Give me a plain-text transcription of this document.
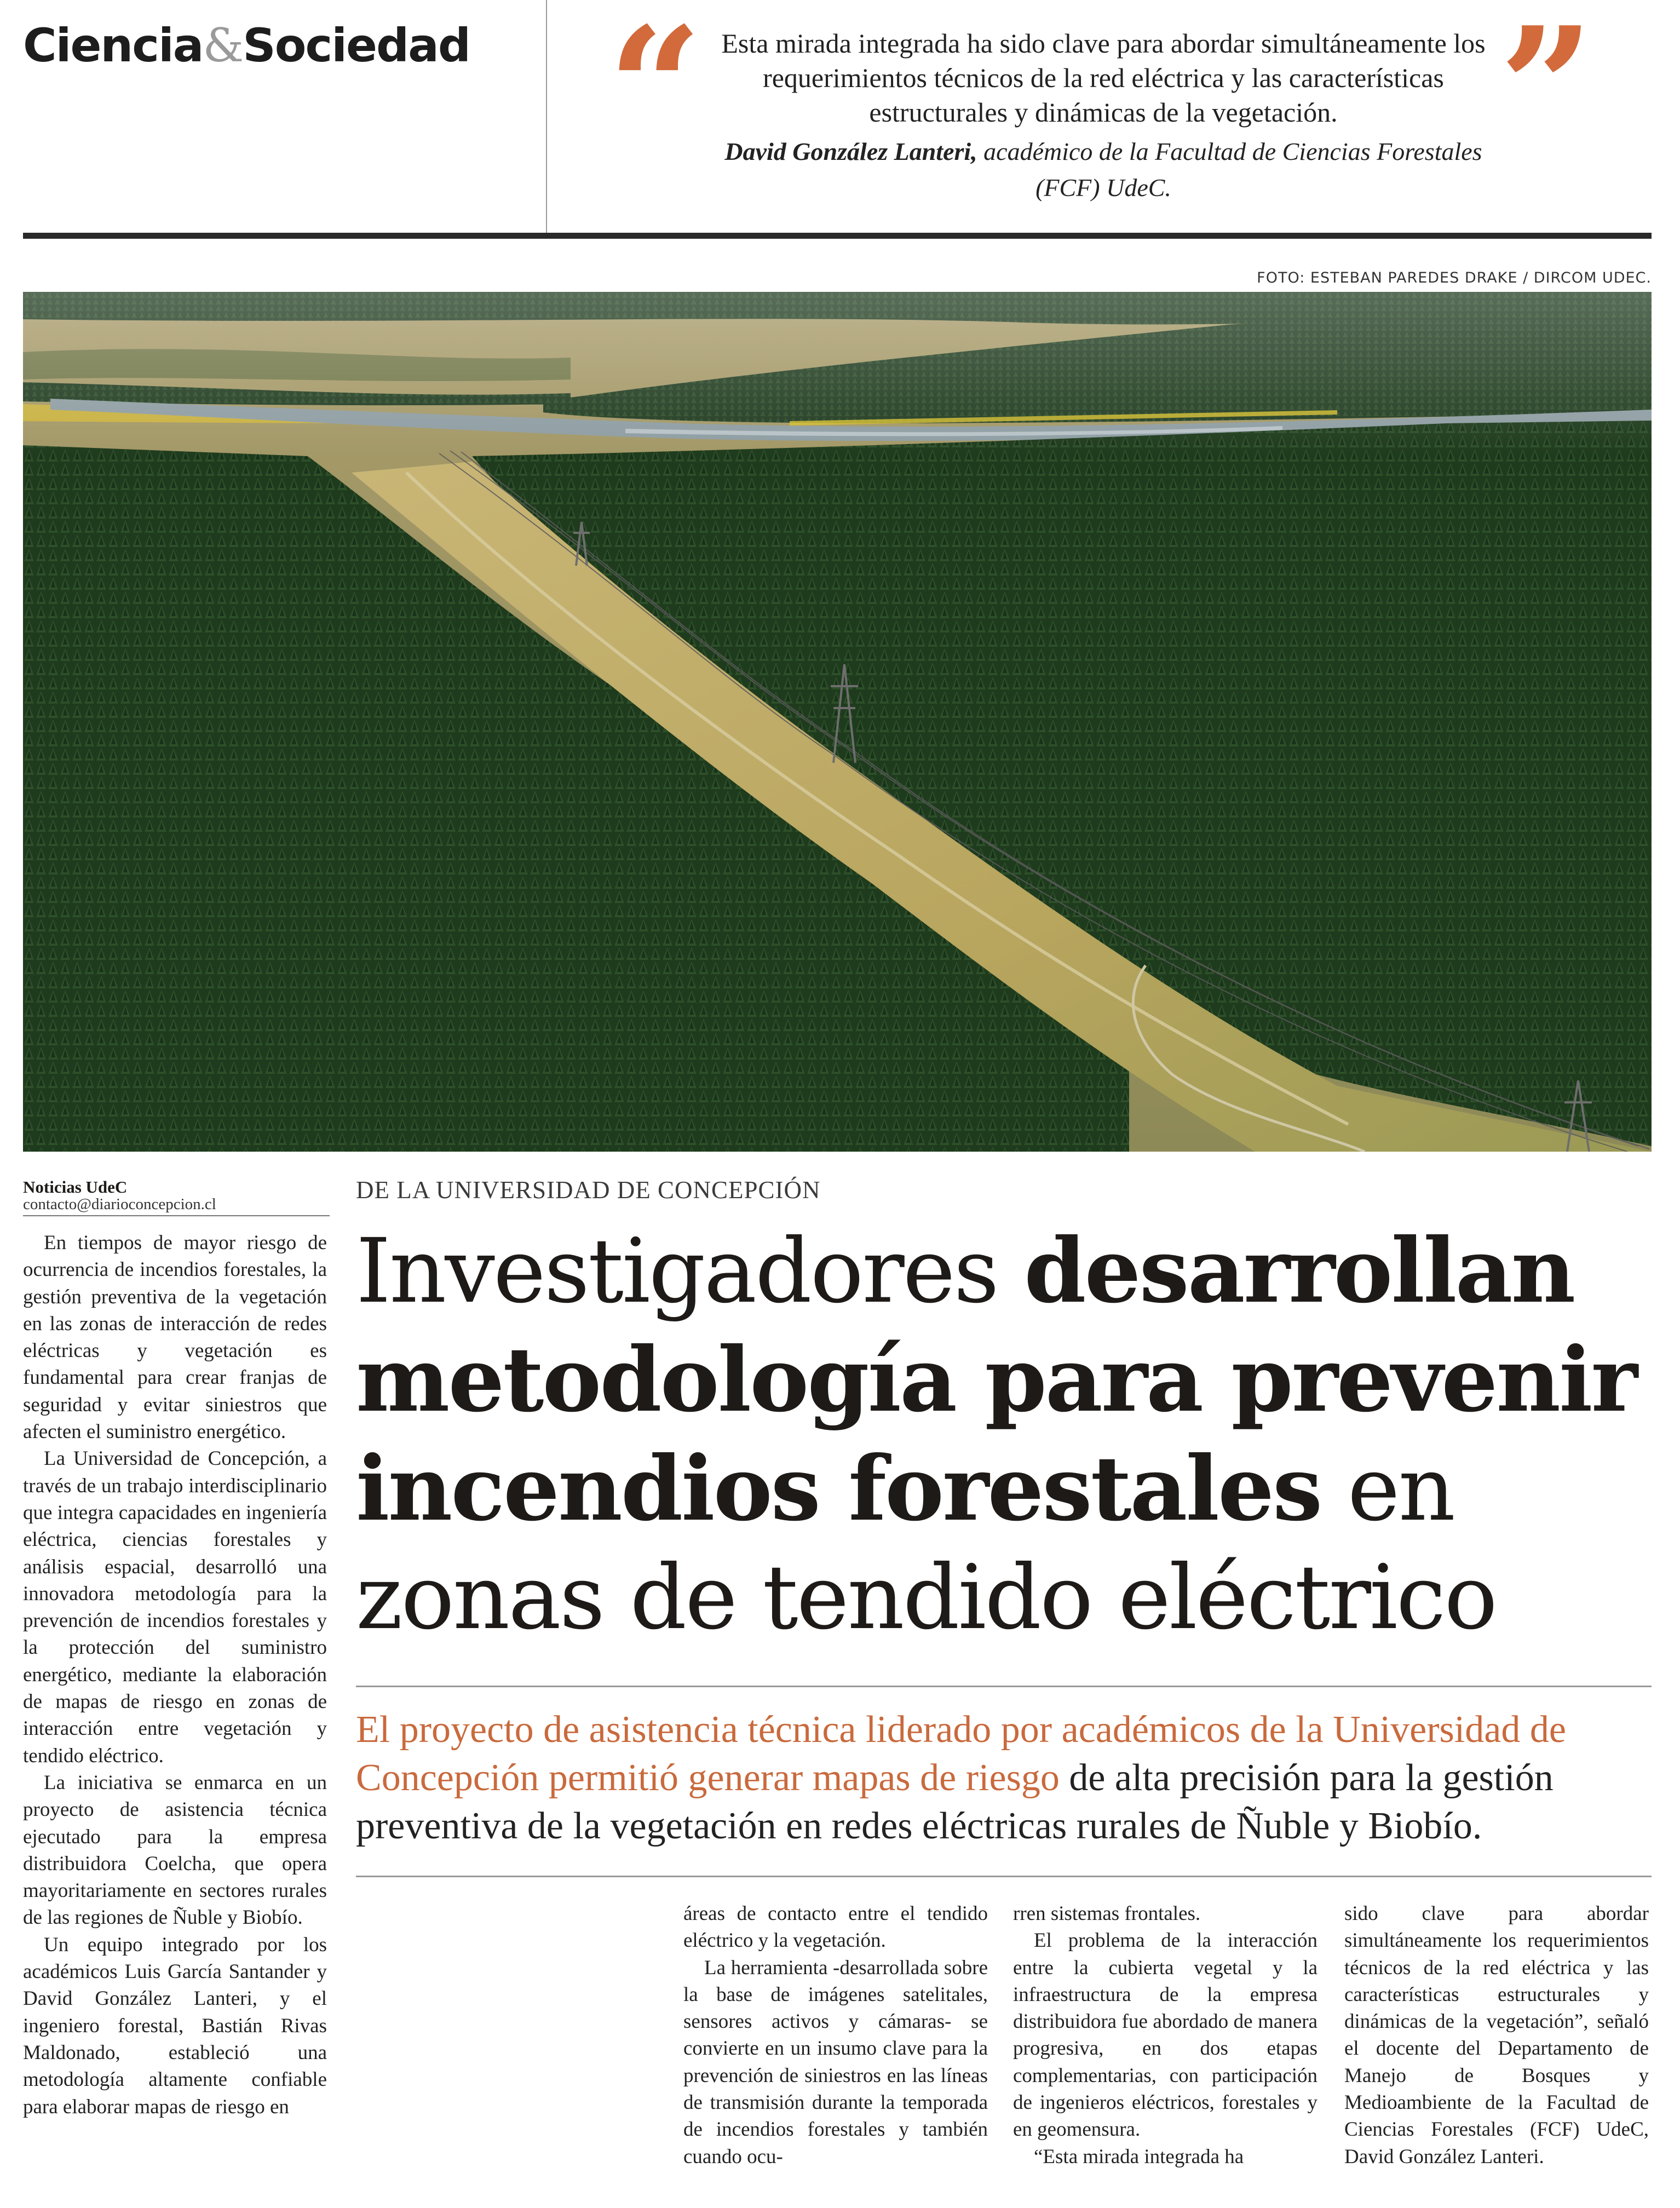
Ciencia&Sociedad “ Esta mirada integrada ha sido clave para abordar simultáneamente los requerimientos técnicos de la red eléctrica y las características estructurales y dinámicas de la vegetación.
David González Lanteri, académico de la Facultad de Ciencias Forestales (FCF) UdeC.
”
FOTO: ESTEBAN PAREDES DRAKE / DIRCOM UDEC.
Noticias UdeC
contacto@diarioconcepcion.cl
DE LA UNIVERSIDAD DE CONCEPCIÓN
Investigadores desarrollan metodología para prevenir incendios forestales en zonas de tendido eléctrico
El proyecto de asistencia técnica liderado por académicos de la Universidad de Concepción permitió generar mapas de riesgo de alta precisión para la gestión preventiva de la vegetación en redes eléctricas rurales de Ñuble y Biobío.

En tiempos de mayor riesgo de ocurrencia de incendios forestales, la gestión preventiva de la vegetación en las zonas de interacción de redes eléctricas y vegetación es fundamental para crear franjas de seguridad y evitar siniestros que afecten el suministro energético.

La Universidad de Concepción, a través de un trabajo interdisciplinario que integra capacidades en ingeniería eléctrica, ciencias forestales y análisis espacial, desarrolló una innovadora metodología para la prevención de incendios forestales y la protección del suministro energético, mediante la elaboración de mapas de riesgo en zonas de interacción entre vegetación y tendido eléctrico.

La iniciativa se enmarca en un proyecto de asistencia técnica ejecutado para la empresa distribuidora Coelcha, que opera mayoritariamente en sectores rurales de las regiones de Ñuble y Biobío.

Un equipo integrado por los académicos Luis García Santander y David González Lanteri, y el ingeniero forestal, Bastián Rivas Maldonado, estableció una metodología altamente confiable para elaborar mapas de riesgo en

áreas de contacto entre el tendido eléctrico y la vegetación.

La herramienta -desarrollada sobre la base de imágenes satelitales, sensores activos y cámaras- se convierte en un insumo clave para la prevención de siniestros en las líneas de transmisión durante la temporada de incendios forestales y también cuando ocu-

rren sistemas frontales.

El problema de la interacción entre la cubierta vegetal y la infraestructura de la empresa distribuidora fue abordado de manera progresiva, en dos etapas complementarias, con participación de ingenieros eléctricos, forestales y en geomensura.

“Esta mirada integrada ha

sido clave para abordar simultáneamente los requerimientos técnicos de la red eléctrica y las características estructurales y dinámicas de la vegetación”, señaló el docente del Departamento de Manejo de Bosques y Medioambiente de la Facultad de Ciencias Forestales (FCF) UdeC, David González Lanteri.
